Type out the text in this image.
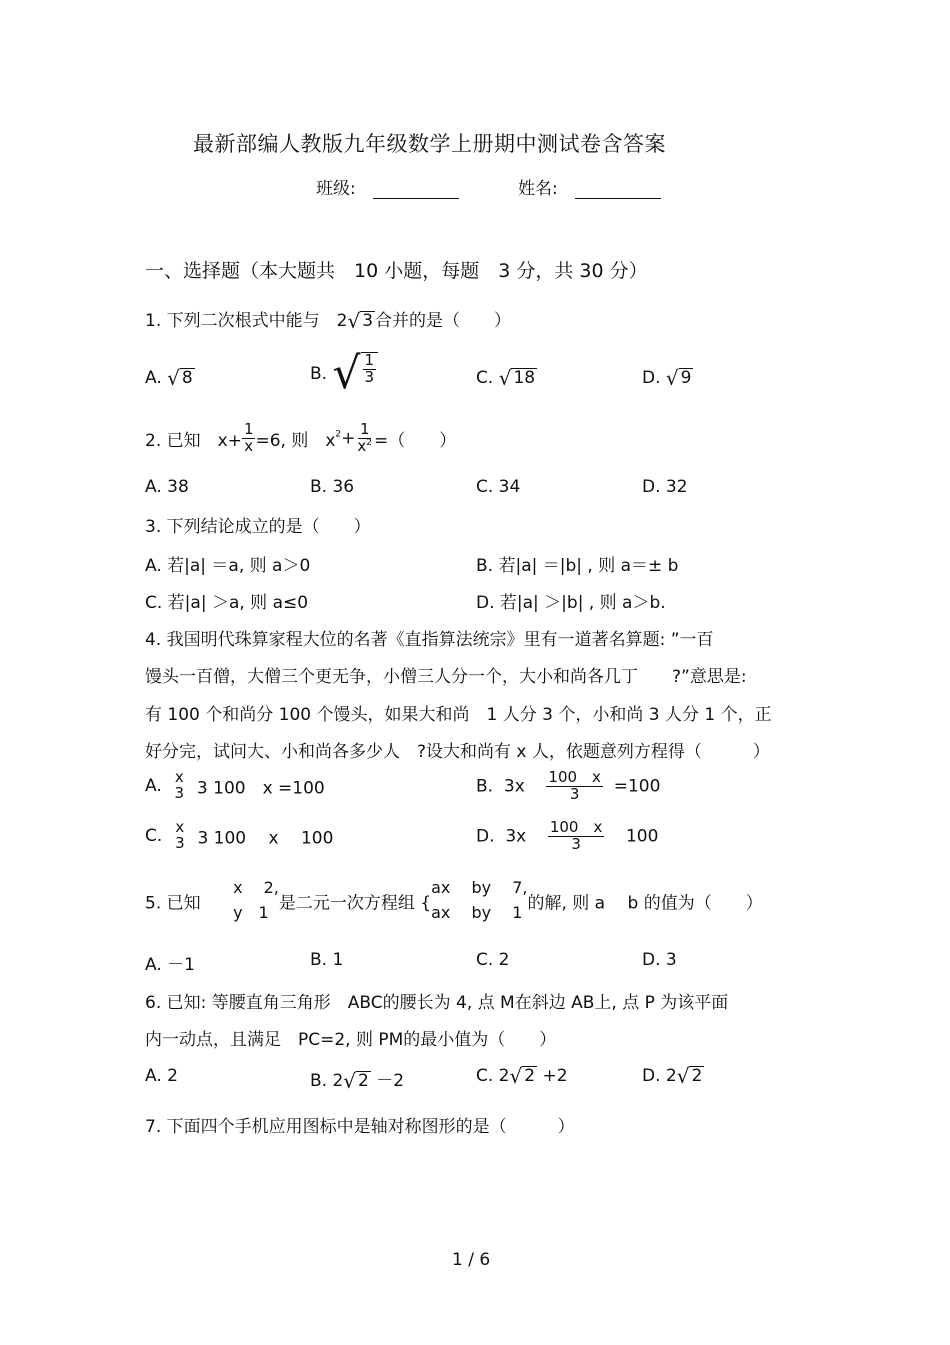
最新部编人教版九年级数学上册期中测试卷含答案
班级:	姓名:
一、选择题（本大题共　10 小题，每题　3 分，共 30 分）
1. 下列二次根式中能与　2 √ 3 合并的是（　　）
A. √ 8	B. √ $\frac{1}{3}$	C. √ 18	D. √ 9
2. 已知　$x+ \frac{1}{x} =6$, 则　$x^2+ \frac{1}{x^2}$ =（　　）
A. 38	B. 36	C. 34	D. 32
3. 下列结论成立的是（　　）
A. 若|a| ＝a, 则 a＞0	B. 若|a| ＝|b| , 则 a＝± b
C. 若|a| ＞a, 则 a≤0	D. 若|a| ＞|b| , 则 a＞b.
4. 我国明代珠算家程大位的名著《直指算法统宗》里有一道著名算题: ”一百
馒头一百僧，大僧三个更无争，小僧三人分一个，大小和尚各几丁　　?”意思是:
有 100 个和尚分 100 个馒头，如果大和尚　1 人分 3 个，小和尚 3 人分 1 个，正
好分完，试问大、小和尚各多少人　?设大和尚有 x 人，依题意列方程得（　　　）
A. x
3 3 100　x =100	B. $3x \frac{100 x}{3} =100$
C. x
3 3 100　 x　 100	D. $3x \frac{100 x}{3} 100$
5. 已知
x　 2,
y　1 是二元一次方程组 {
ax　 by　 7,
ax　 by　 1 的解, 则 a　 b 的值为（　　）
A. －1	B. 1	C. 2	D. 3
6. 已知: 等腰直角三角形　ABC的腰长为 4, 点 M在斜边 AB上, 点 P 为该平面
内一动点，且满足　PC=2, 则 PM的最小值为（　　）
A. 2	B. 2 √ 2 －2	C. 2 √ 2 +2	D. 2 √ 2
7. 下面四个手机应用图标中是轴对称图形的是（　　　）
1 / 6
